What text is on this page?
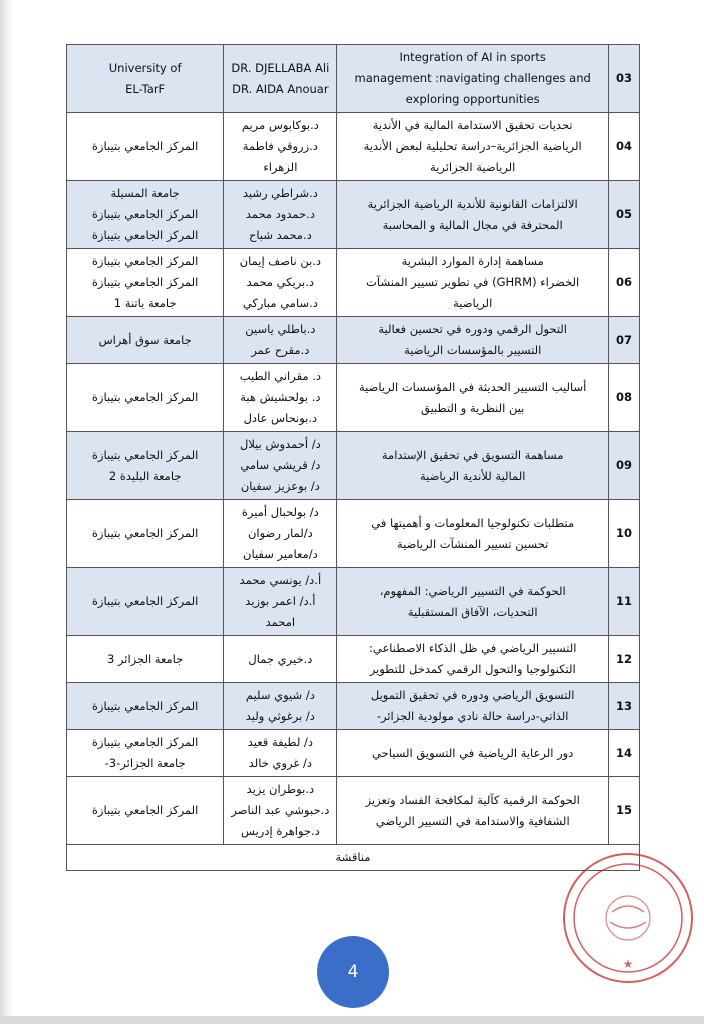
University of
EL-TarF	DR. DJELLABA Ali
DR. AIDA Anouar	Integration of AI in sports
management :navigating challenges and
exploring opportunities	03
المركز الجامعي بتيبازة	د.بوكابوس مريم
د.زروقي فاطمة
الزهراء	تحديات تحقيق الاستدامة المالية في الأندية
الرياضية الجزائرية–دراسة تحليلية لبعض الأندية
الرياضية الجزائرية	04
جامعة المسيلة
المركز الجامعي بتيبازة
المركز الجامعي بتيبازة	د.شراطي رشيد
د.حمدود محمد
د.محمد شباح	الالتزامات القانونية للأندية الرياضية الجزائرية
المحترفة في مجال المالية و المحاسبة	05
المركز الجامعي بتيبازة
المركز الجامعي بتيبازة
جامعة باتنة 1	د.بن ناصف إيمان
د.بريكي محمد
د.سامي مباركي	مساهمة إدارة الموارد البشرية
الخضراء (GHRM) في تطوير تسيير المنشآت
الرياضية	06
جامعة سوق أهراس	د.باطلي ياسين
د.مقرح عمر	التحول الرقمي ودوره في تحسين فعالية
التسيير بالمؤسسات الرياضية	07
المركز الجامعي بتيبازة	د. مقراني الطيب
د. بولحشيش هبة
د.بونحاس عادل	أساليب التسيير الحديثة في المؤسسات الرياضية
بين النظرية و التطبيق	08
المركز الجامعي بتيبازة
جامعة البليدة 2	د/ أحمدوش بيلال
د/ قريشي سامي
د/ بوعزيز سفيان	مساهمة التسويق في تحقيق الإستدامة
المالية للأندية الرياضية	09
المركز الجامعي بتيبازة	د/ بولحبال أميرة
د/لمار رضوان
د/معامير سفيان	متطلبات تكنولوجيا المعلومات و أهميتها في
تحسين تسيير المنشآت الرياضية	10
المركز الجامعي بتيبازة	أ.د/ يونسي محمد
أ.د/ اعمر بوزيد
امحمد	الحوكمة في التسيير الرياضي: المفهوم،
التحديات، الآفاق المستقبلية	11
جامعة الجزائر 3	د.خيري جمال	التسيير الرياضي في ظل الذكاء الاصطناعي:
التكنولوجيا والتحول الرقمي كمدخل للتطوير	12
المركز الجامعي بتيبازة	د/ شيوي سليم
د/ برغوثي وليد	التسويق الرياضي ودوره في تحقيق التمويل
الذاتي-دراسة حالة نادي مولودية الجزائر-	13
المركز الجامعي بتيبازة
جامعة الجزائر-3-	د/ لطيفة قعيد
د/ غروي خالد	دور الرعاية الرياضية في التسويق السياحي	14
المركز الجامعي بتيبازة	د.بوطران يزيد
د.حبوشي عبد الناصر
د.جواهرة إدريس	الحوكمة الرقمية كآلية لمكافحة الفساد وتعزيز
الشفافية والاستدامة في التسيير الرياضي	15
مناقشة			
4	★
